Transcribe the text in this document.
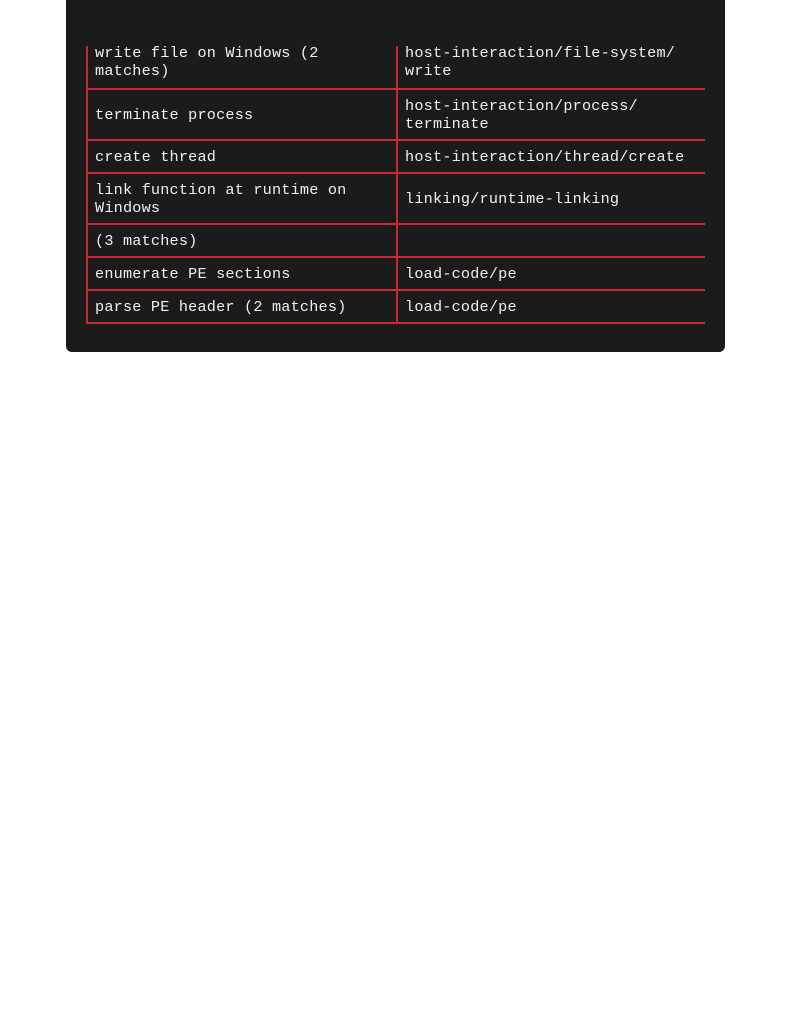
write file on Windows (2
matches)	host-interaction/file-system/
write
terminate process	host-interaction/process/
terminate
create thread	host-interaction/thread/create
link function at runtime on
Windows	linking/runtime-linking
(3 matches)	
enumerate PE sections	load-code/pe
parse PE header (2 matches)	load-code/pe
